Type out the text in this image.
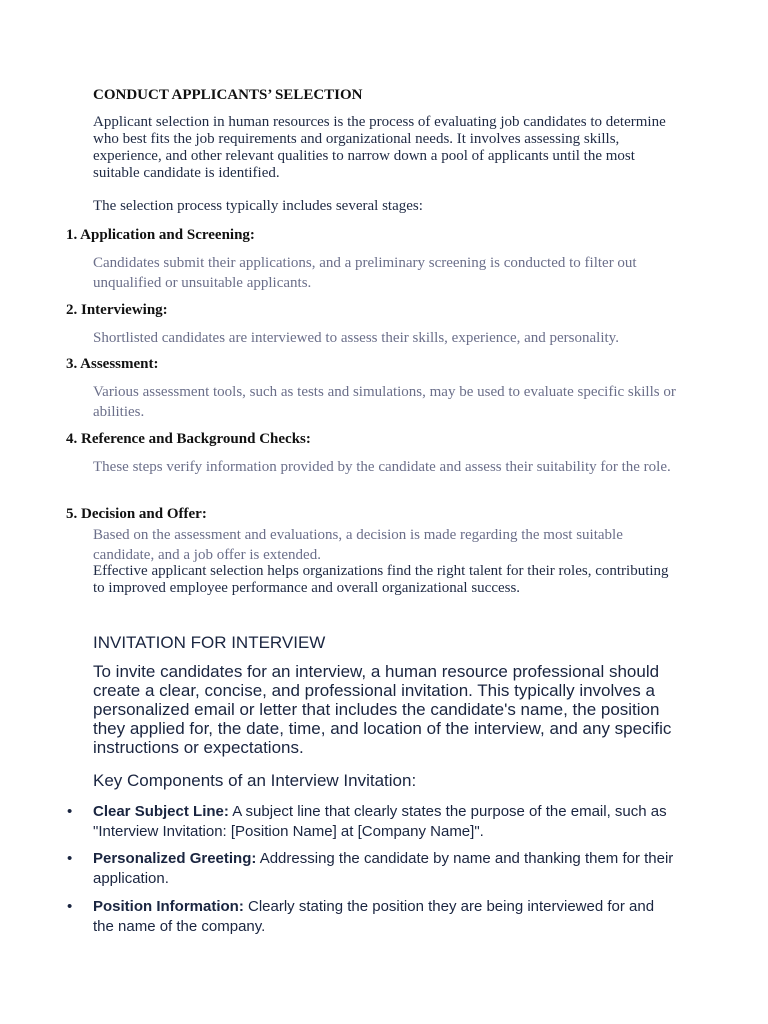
CONDUCT APPLICANTS’ SELECTION
Applicant selection in human resources is the process of evaluating job candidates to determine who best fits the job requirements and organizational needs. It involves assessing skills, experience, and other relevant qualities to narrow down a pool of applicants until the most suitable candidate is identified.
The selection process typically includes several stages:
1. Application and Screening:
Candidates submit their applications, and a preliminary screening is conducted to filter out unqualified or unsuitable applicants.
2. Interviewing:
Shortlisted candidates are interviewed to assess their skills, experience, and personality.
3. Assessment:
Various assessment tools, such as tests and simulations, may be used to evaluate specific skills or abilities.
4. Reference and Background Checks:
These steps verify information provided by the candidate and assess their suitability for the role.
5. Decision and Offer:
Based on the assessment and evaluations, a decision is made regarding the most suitable candidate, and a job offer is extended.
Effective applicant selection helps organizations find the right talent for their roles, contributing to improved employee performance and overall organizational success.
INVITATION FOR INTERVIEW
To invite candidates for an interview, a human resource professional should create a clear, concise, and professional invitation. This typically involves a personalized email or letter that includes the candidate's name, the position they applied for, the date, time, and location of the interview, and any specific instructions or expectations.
Key Components of an Interview Invitation:
• Clear Subject Line: A subject line that clearly states the purpose of the email, such as "Interview Invitation: [Position Name] at [Company Name]".
• Personalized Greeting: Addressing the candidate by name and thanking them for their application.
• Position Information: Clearly stating the position they are being interviewed for and the name of the company.
